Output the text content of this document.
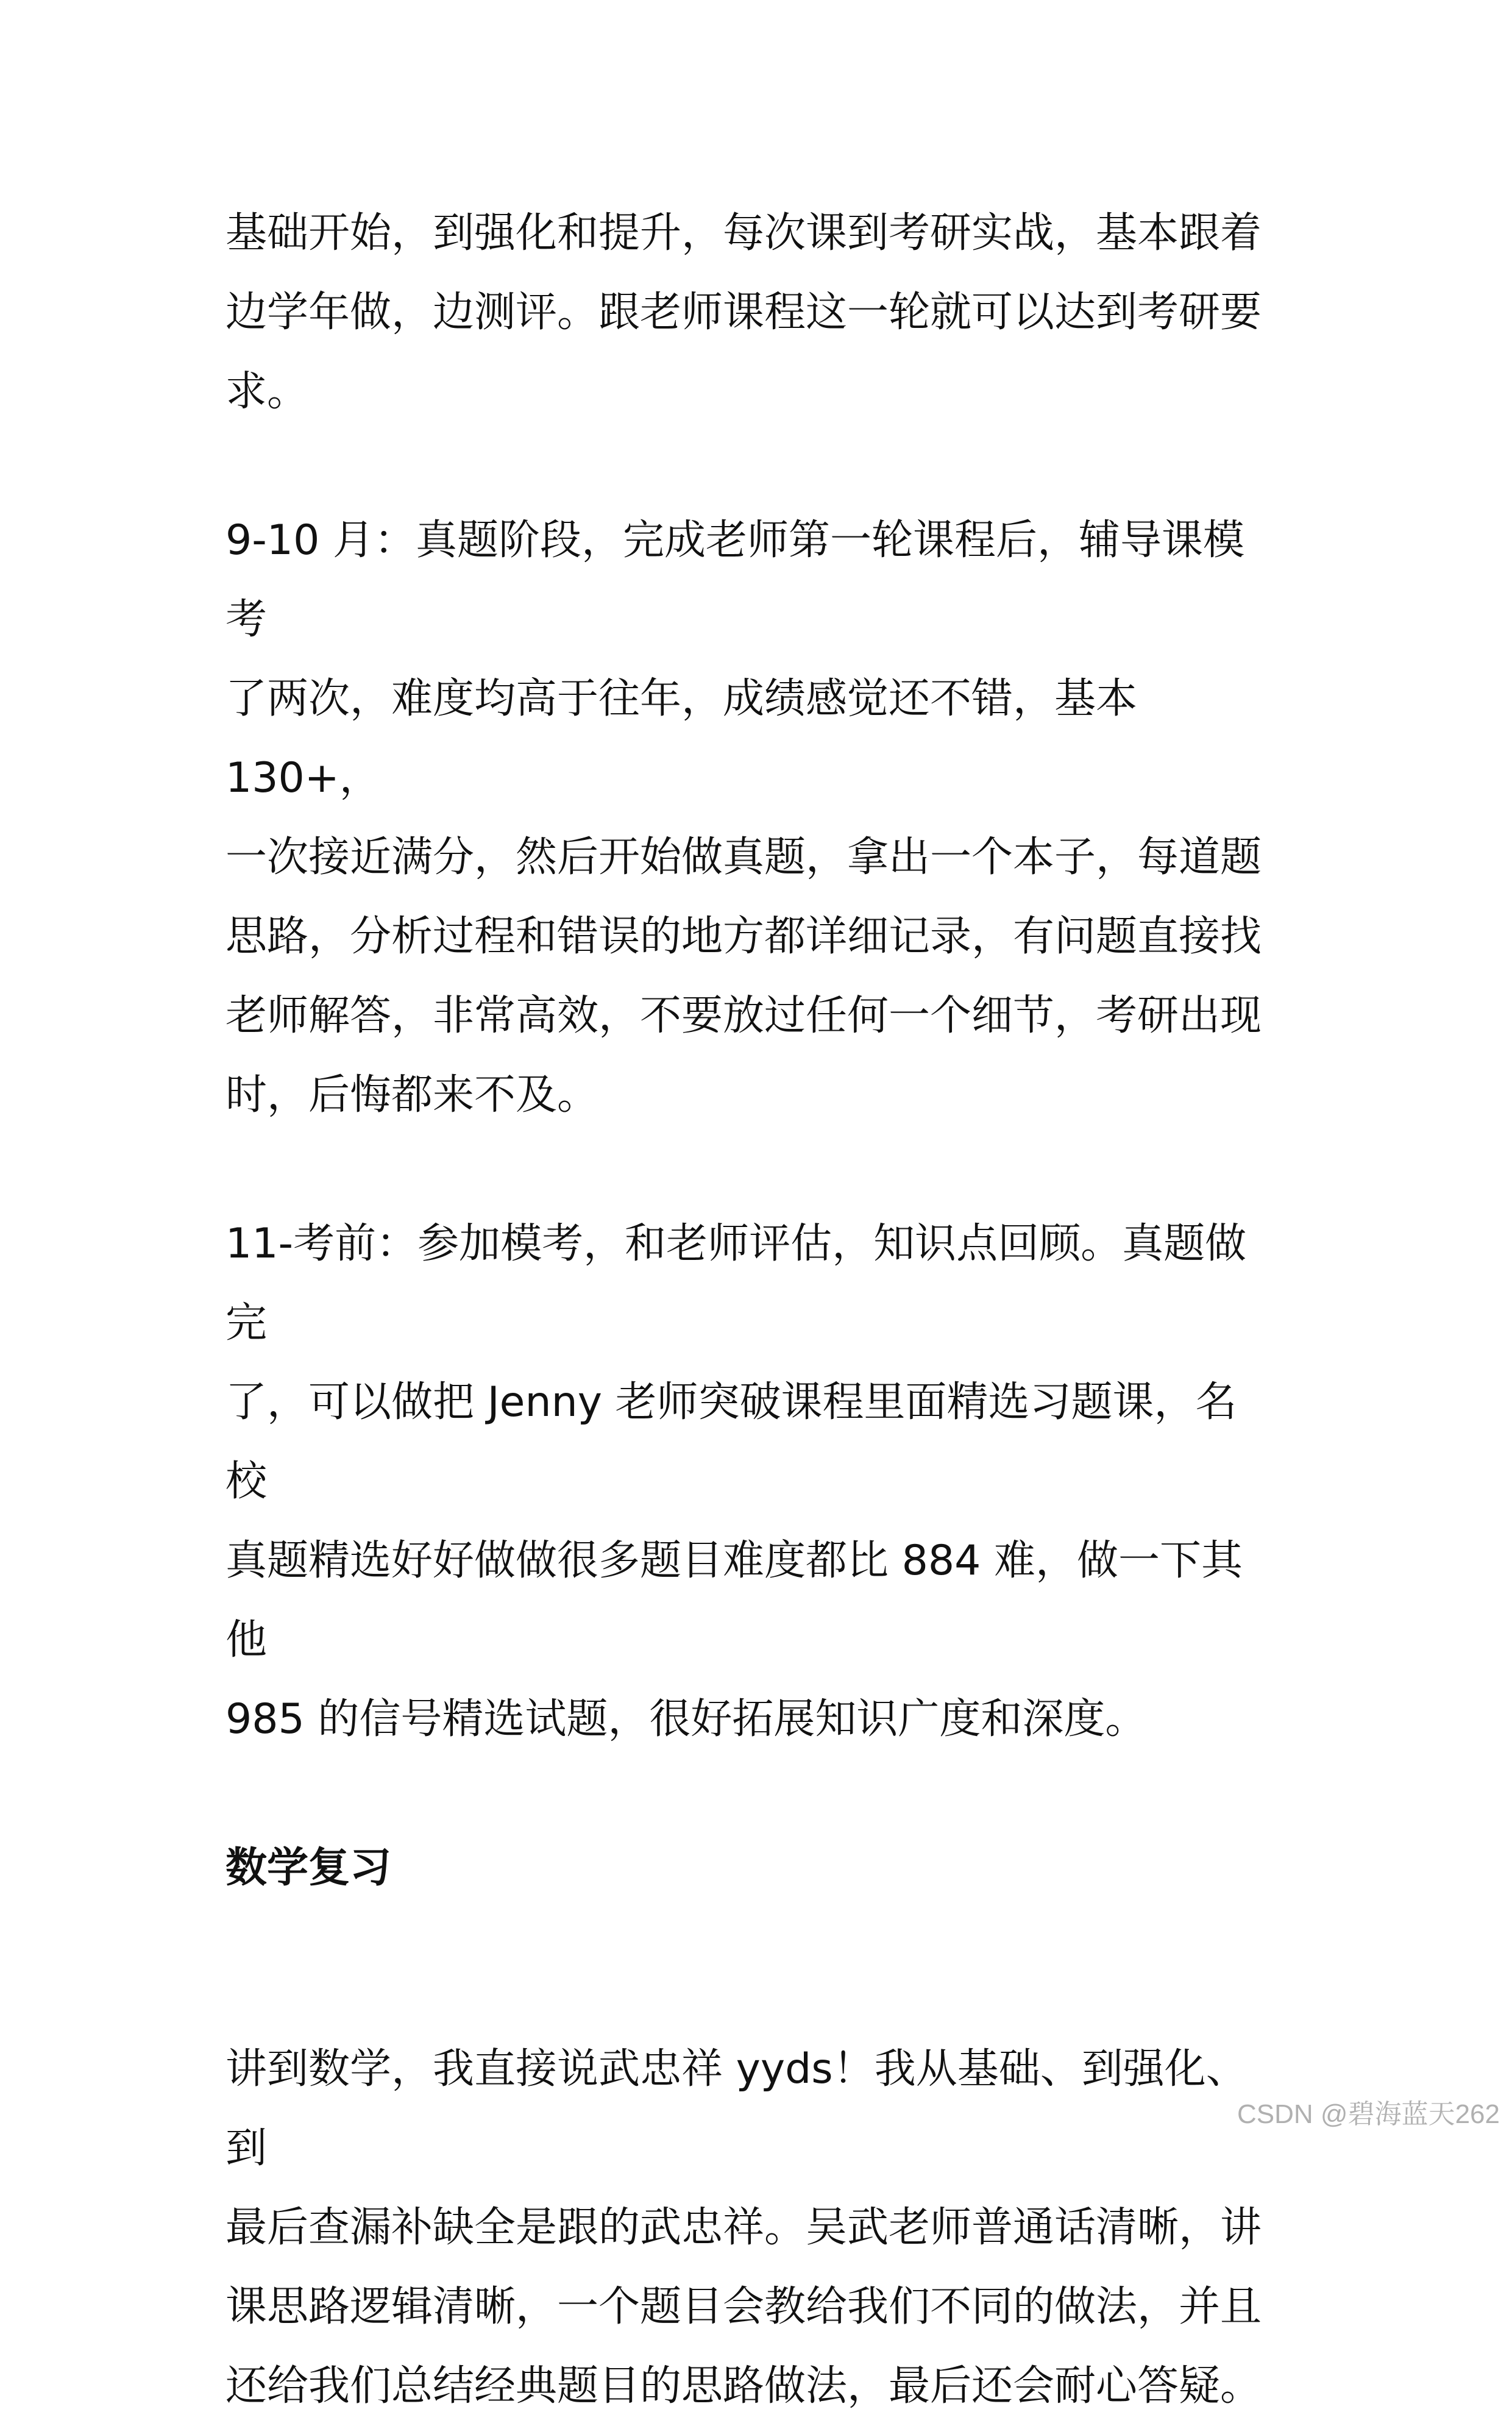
基础开始，到强化和提升，每次课到考研实战，基本跟着
边学年做，边测评。跟老师课程这一轮就可以达到考研要
求。

9-10 月：真题阶段，完成老师第一轮课程后，辅导课模考
了两次，难度均高于往年，成绩感觉还不错，基本 130+，
一次接近满分，然后开始做真题，拿出一个本子，每道题
思路，分析过程和错误的地方都详细记录，有问题直接找
老师解答，非常高效，不要放过任何一个细节，考研出现
时，后悔都来不及。

11-考前：参加模考，和老师评估，知识点回顾。真题做完
了，可以做把 Jenny 老师突破课程里面精选习题课，名校
真题精选好好做做很多题目难度都比 884 难，做一下其他
985 的信号精选试题，很好拓展知识广度和深度。

数学复习

讲到数学，我直接说武忠祥 yyds！我从基础、到强化、到
最后查漏补缺全是跟的武忠祥。吴武老师普通话清晰，讲
课思路逻辑清晰，一个题目会教给我们不同的做法，并且
还给我们总结经典题目的思路做法，最后还会耐心答疑。

CSDN @碧海蓝天262
